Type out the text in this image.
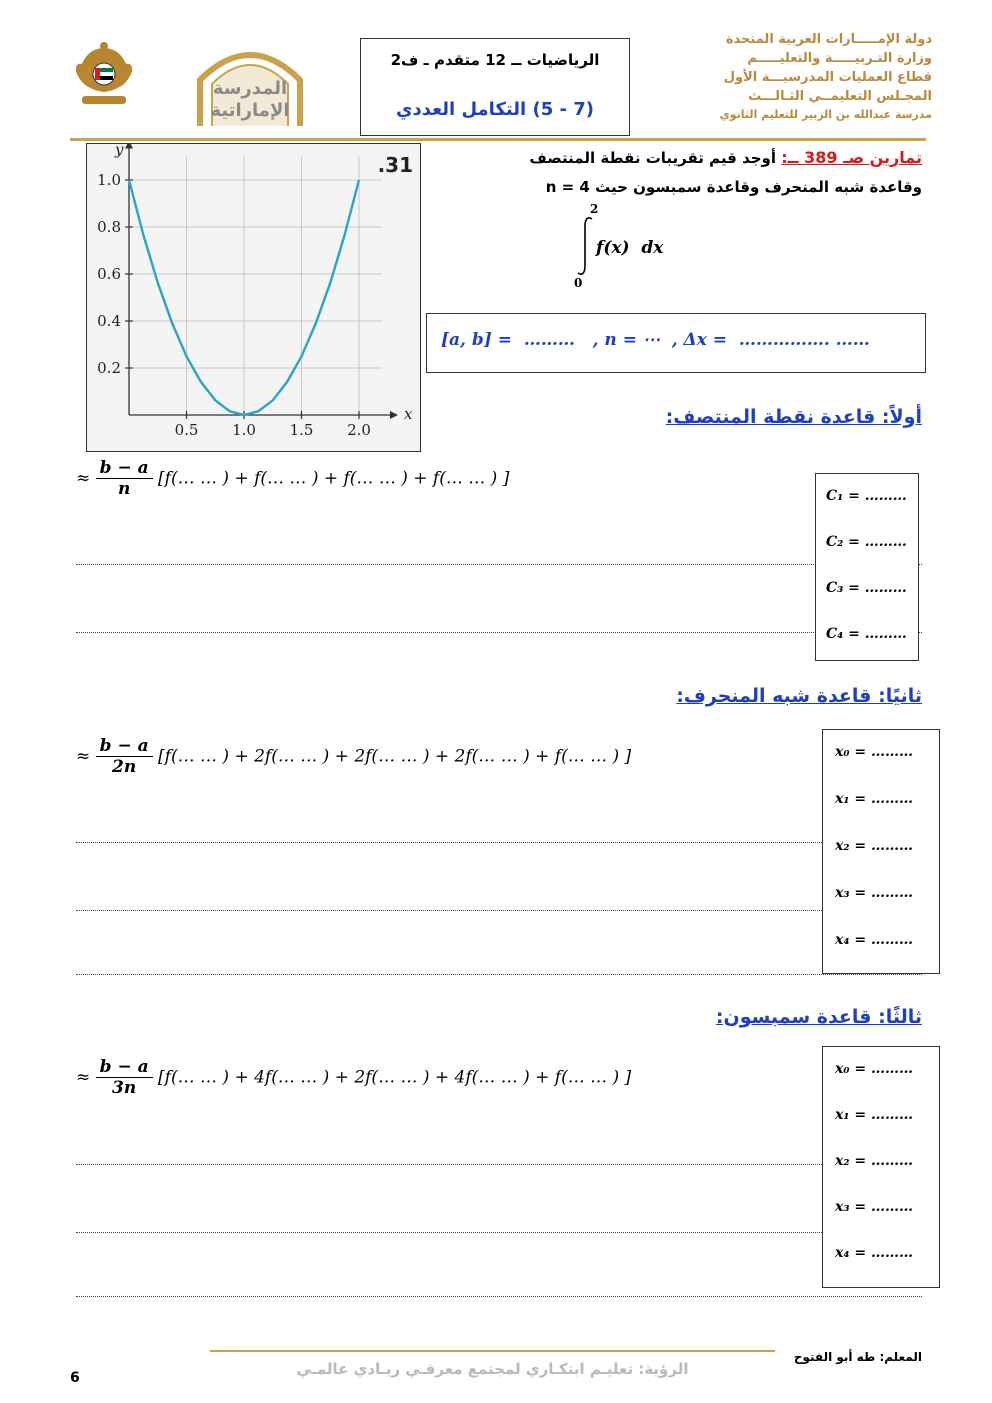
المدرسة الإماراتية
الرياضيات ــ 12 متقدم ـ ف2
(7 - 5) التكامل العددي
دولة الإمـــــارات العربية المتحدة
وزارة التـربيـــــة والتعليـــــم
قطاع العمليات المدرسيـــة الأول
المجـلس التعليمــي الثـالـــث
مدرسة عبدالله بن الزبير للتعليم الثانوي
0.5 1.0 1.5 2.0
0.2
0.4
0.6
0.8
1.0
x
y
.31	تمارين صـ 389 ــ: أوجد قيم تقريبات نقطة المنتصف
وقاعدة شبه المنحرف وقاعدة سمبسون حيث n = 4
2
0
f(x)  dx
[a, b] =  ………   , n = ⋯  , Δx =  ……………. ……
أولاً: قاعدة نقطة المنتصف:
≈ $\frac{b - a}{n}$ [f(… … ) + f(… … ) + f(… … ) + f(… … ) ]
C₁ = ………
C₂ = ………
C₃ = ………
C₄ = ………
ثانيًا: قاعدة شبه المنحرف:
≈ $\frac{b - a}{2n}$ [f(… … ) + 2f(… … ) + 2f(… … ) + 2f(… … ) + f(… … ) ]	x₀ = ………
x₁ = ………
x₂ = ………
x₃ = ………
x₄ = ………
ثالثًا: قاعدة سمبسون:
≈ $\frac{b - a}{3n}$ [f(… … ) + 4f(… … ) + 2f(… … ) + 4f(… … ) + f(… … ) ]	x₀ = ………
x₁ = ………
x₂ = ………
x₃ = ………
x₄ = ………
المعلم: طه أبو الفتوح
الرؤية: تعليـم ابتكـاري لمجتمع معرفـي ريـادي عالمـي
6
